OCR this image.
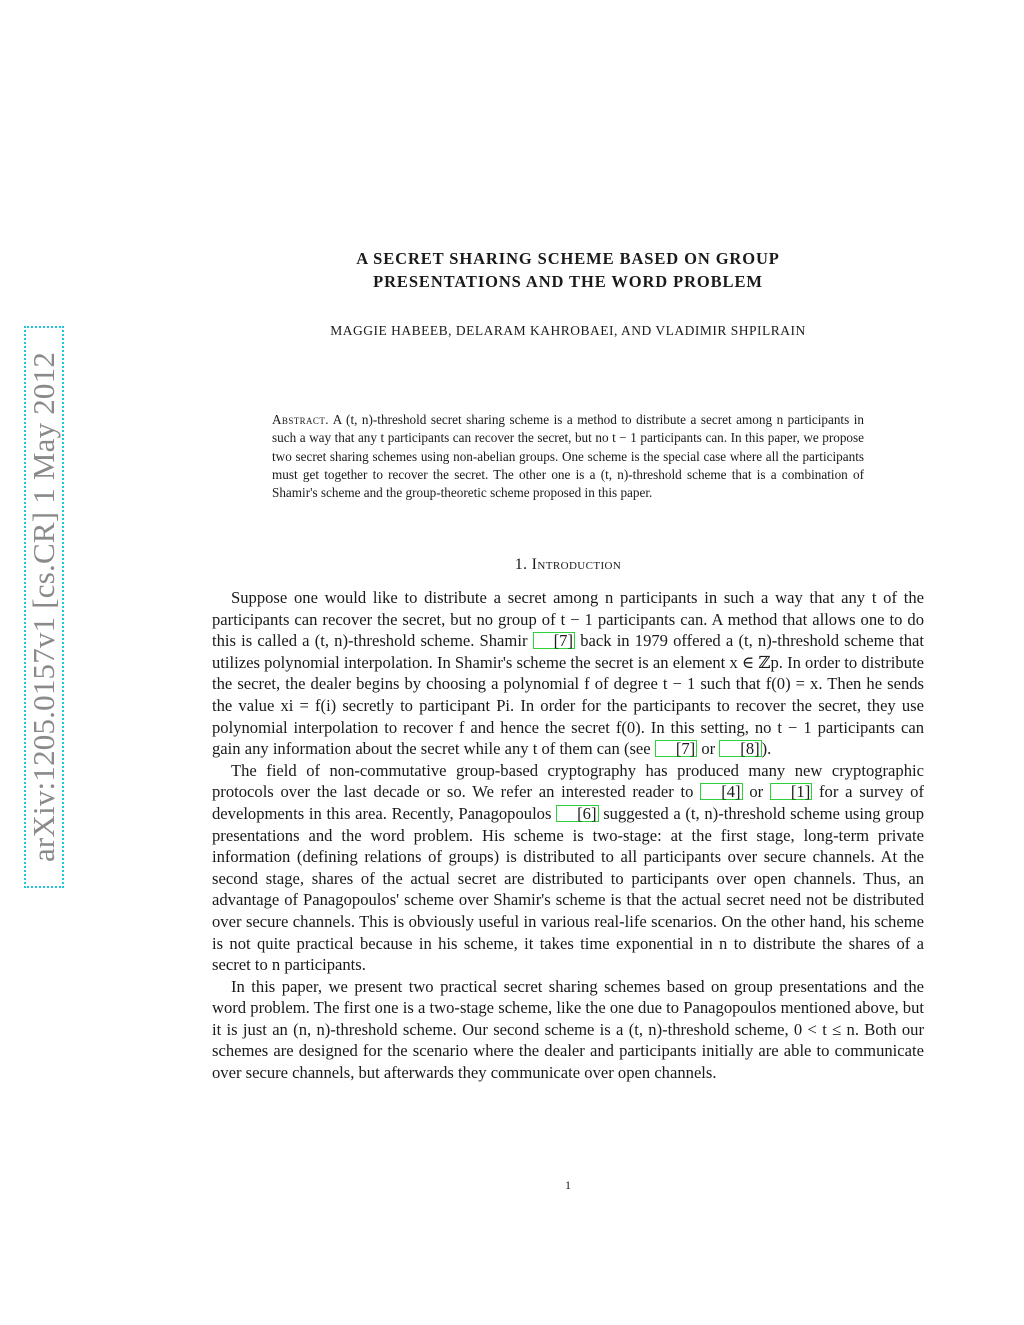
arXiv:1205.0157v1 [cs.CR] 1 May 2012
A SECRET SHARING SCHEME BASED ON GROUP
PRESENTATIONS AND THE WORD PROBLEM
MAGGIE HABEEB, DELARAM KAHROBAEI, AND VLADIMIR SHPILRAIN
Abstract. A (t, n)-threshold secret sharing scheme is a method to distribute a secret among n participants in such a way that any t participants can recover the secret, but no t − 1 participants can. In this paper, we propose two secret sharing schemes using non-abelian groups. One scheme is the special case where all the participants must get together to recover the secret. The other one is a (t, n)-threshold scheme that is a combination of Shamir's scheme and the group-theoretic scheme proposed in this paper.
1. Introduction

Suppose one would like to distribute a secret among n participants in such a way that any t of the participants can recover the secret, but no group of t − 1 participants can. A method that allows one to do this is called a (t, n)-threshold scheme. Shamir [7] back in 1979 offered a (t, n)-threshold scheme that utilizes polynomial interpolation. In Shamir's scheme the secret is an element x ∈ ℤp. In order to distribute the secret, the dealer begins by choosing a polynomial f of degree t − 1 such that f(0) = x. Then he sends the value xi = f(i) secretly to participant Pi. In order for the participants to recover the secret, they use polynomial interpolation to recover f and hence the secret f(0). In this setting, no t − 1 participants can gain any information about the secret while any t of them can (see [7] or [8] ).

The field of non-commutative group-based cryptography has produced many new cryptographic protocols over the last decade or so. We refer an interested reader to [4] or [1] for a survey of developments in this area. Recently, Panagopoulos [6] suggested a (t, n)-threshold scheme using group presentations and the word problem. His scheme is two-stage: at the first stage, long-term private information (defining relations of groups) is distributed to all participants over secure channels. At the second stage, shares of the actual secret are distributed to participants over open channels. Thus, an advantage of Panagopoulos' scheme over Shamir's scheme is that the actual secret need not be distributed over secure channels. This is obviously useful in various real-life scenarios. On the other hand, his scheme is not quite practical because in his scheme, it takes time exponential in n to distribute the shares of a secret to n participants.

In this paper, we present two practical secret sharing schemes based on group presentations and the word problem. The first one is a two-stage scheme, like the one due to Panagopoulos mentioned above, but it is just an (n, n)-threshold scheme. Our second scheme is a (t, n)-threshold scheme, 0 < t ≤ n. Both our schemes are designed for the scenario where the dealer and participants initially are able to communicate over secure channels, but afterwards they communicate over open channels.

1
